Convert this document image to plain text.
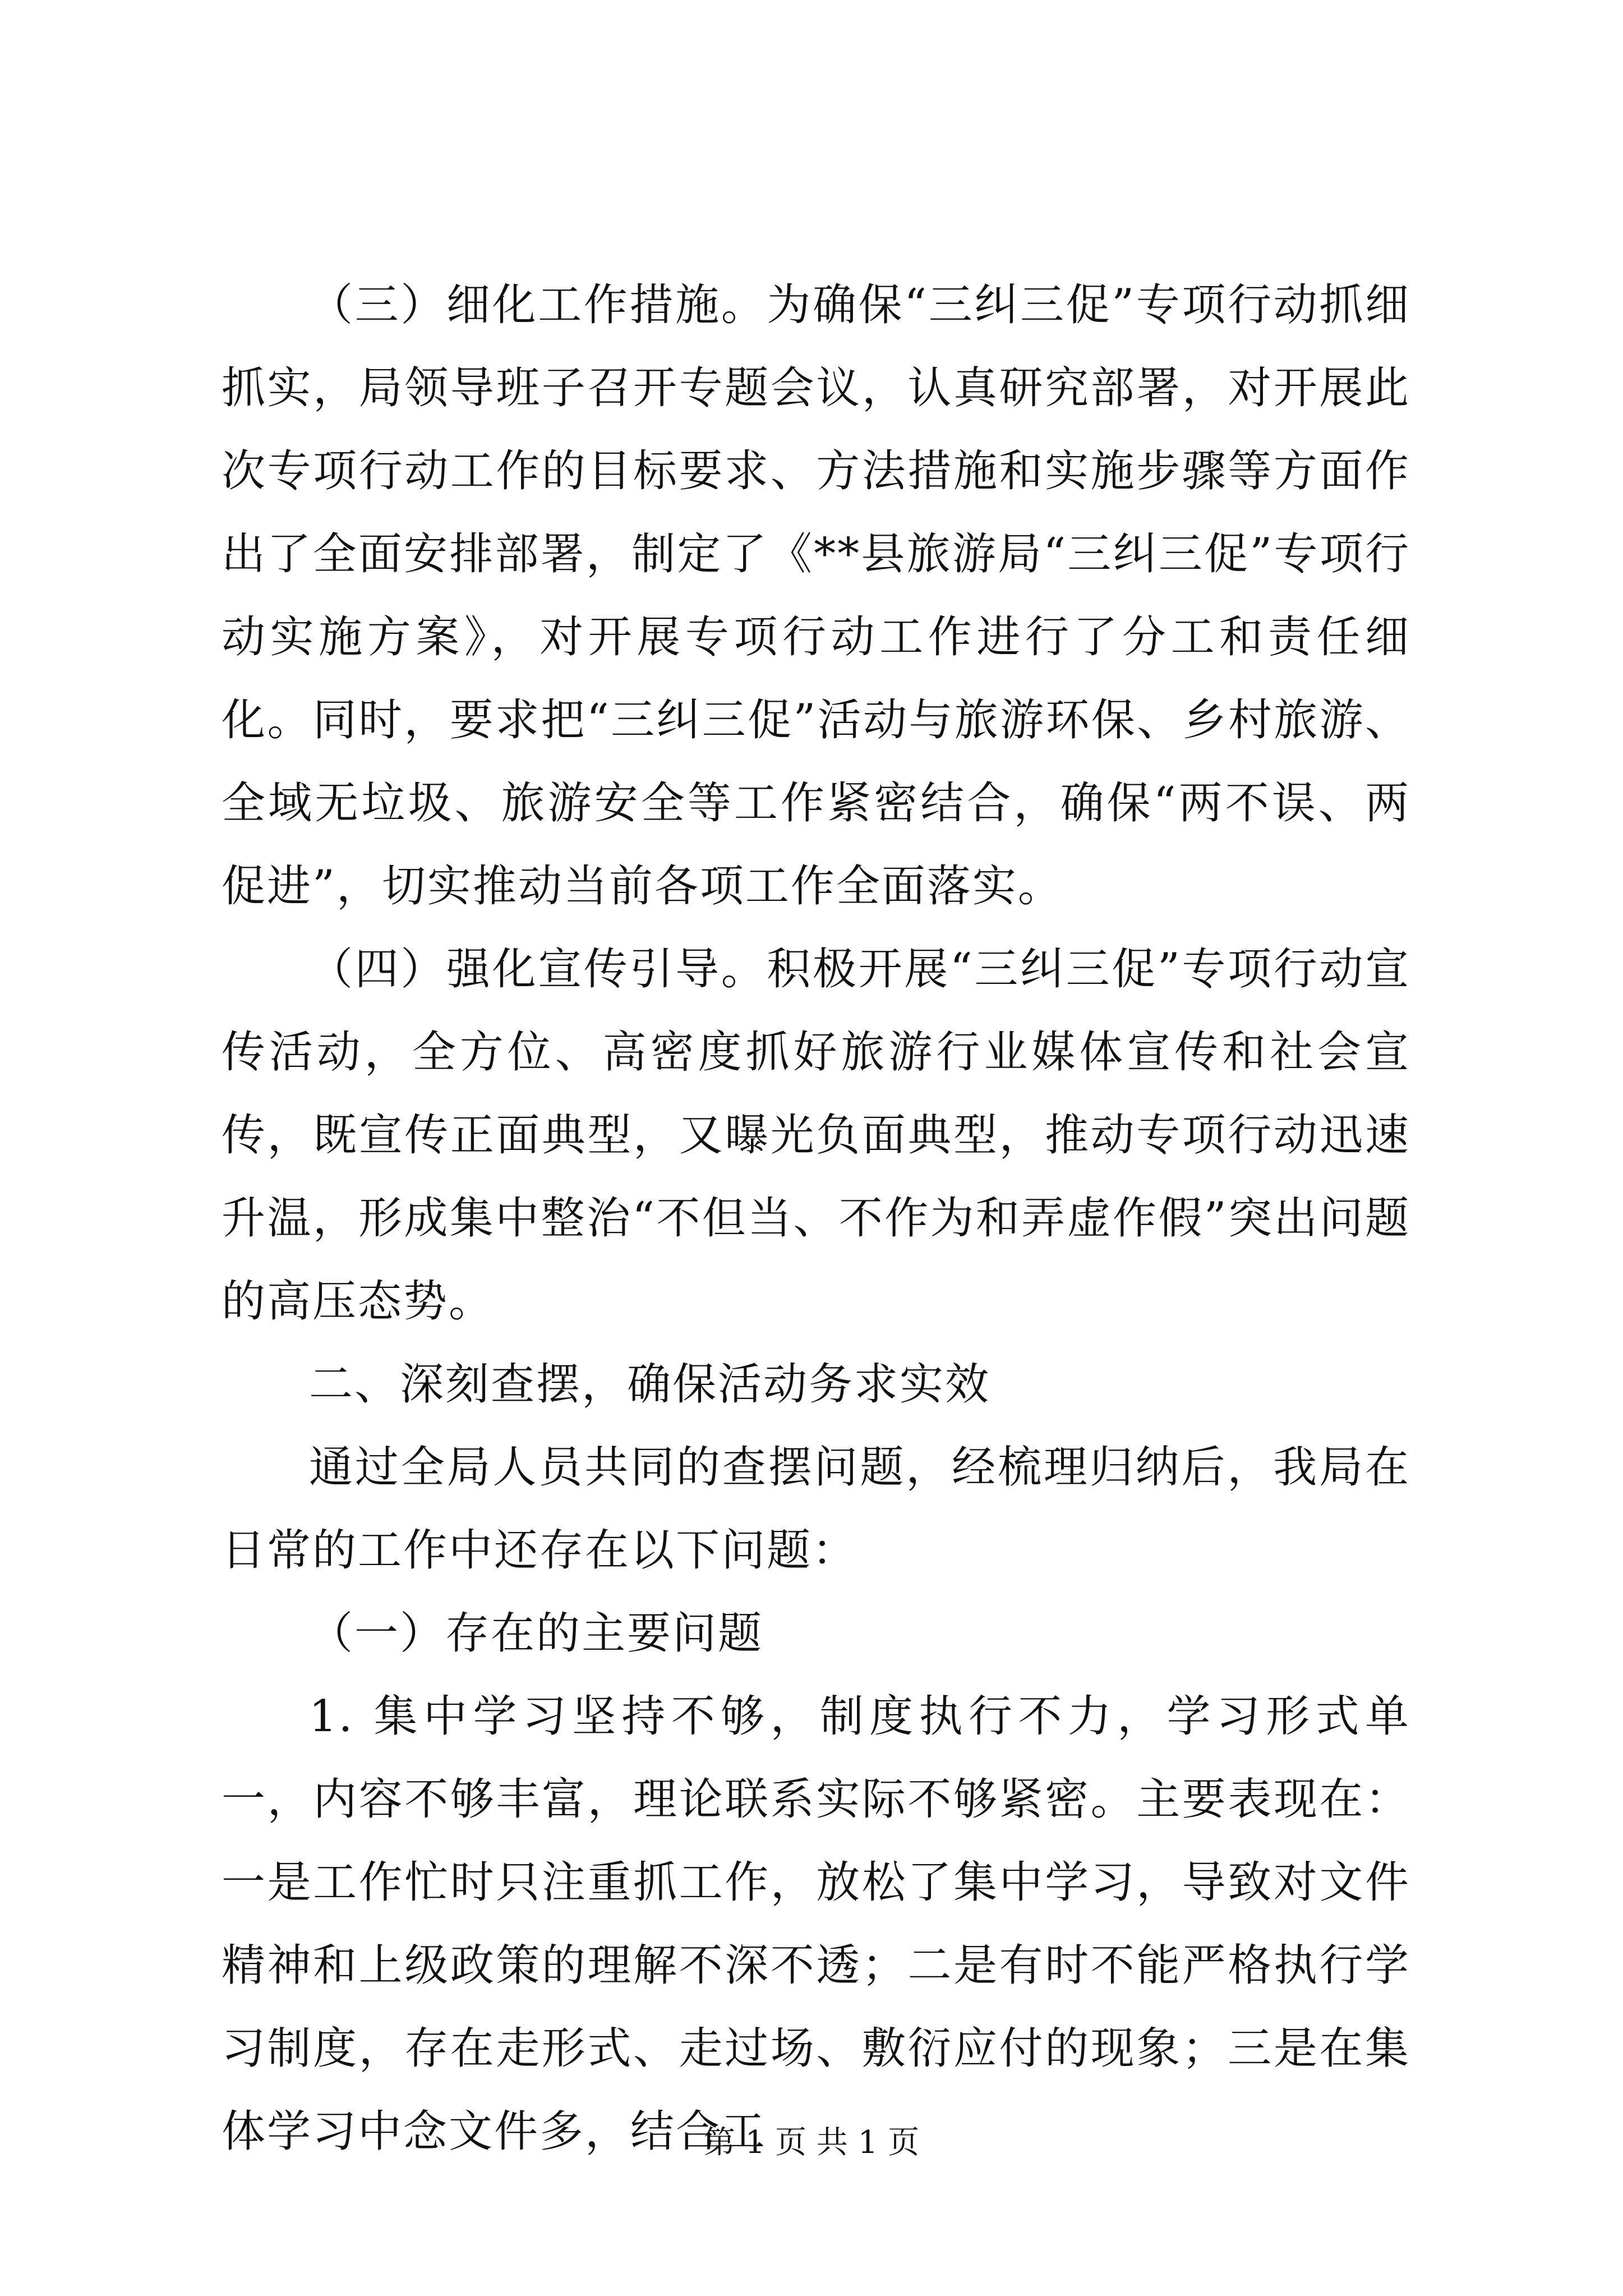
（三）细化工作措施。为确保“三纠三促”专项行动抓细抓实，局领导班子召开专题会议，认真研究部署，对开展此次专项行动工作的目标要求、方法措施和实施步骤等方面作出了全面安排部署，制定了《**县旅游局“三纠三促”专项行动实施方案》，对开展专项行动工作进行了分工和责任细化。同时，要求把“三纠三促”活动与旅游环保、乡村旅游、全域无垃圾、旅游安全等工作紧密结合，确保“两不误、两促进”，切实推动当前各项工作全面落实。

（四）强化宣传引导。积极开展“三纠三促”专项行动宣传活动，全方位、高密度抓好旅游行业媒体宣传和社会宣传，既宣传正面典型，又曝光负面典型，推动专项行动迅速升温，形成集中整治“不但当、不作为和弄虚作假”突出问题的高压态势。

二、深刻查摆，确保活动务求实效

通过全局人员共同的查摆问题，经梳理归纳后，我局在日常的工作中还存在以下问题：

（一）存在的主要问题

1. 集中学习坚持不够，制度执行不力，学习形式单一，内容不够丰富，理论联系实际不够紧密。主要表现在：一是工作忙时只注重抓工作，放松了集中学习，导致对文件精神和上级政策的理解不深不透；二是有时不能严格执行学习制度，存在走形式、走过场、敷衍应付的现象；三是在集体学习中念文件多，结合工

第 1 页 共 1 页
